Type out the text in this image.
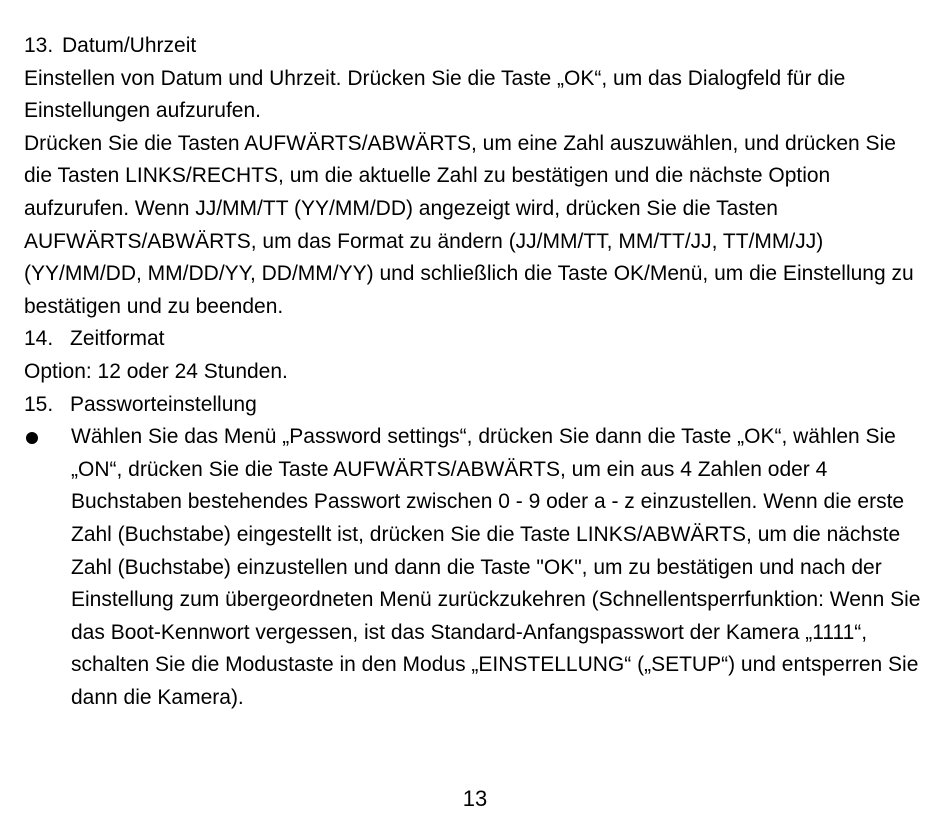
13. Datum/Uhrzeit

Einstellen von Datum und Uhrzeit. Drücken Sie die Taste „OK“, um das Dialogfeld für die Einstellungen aufzurufen.

Drücken Sie die Tasten AUFWÄRTS/ABWÄRTS, um eine Zahl auszuwählen, und drücken Sie die Tasten LINKS/RECHTS, um die aktuelle Zahl zu bestätigen und die nächste Option aufzurufen. Wenn JJ/MM/TT (YY/MM/DD) angezeigt wird, drücken Sie die Tasten AUFWÄRTS/ABWÄRTS, um das Format zu ändern (JJ/MM/TT, MM/TT/JJ, TT/MM/JJ) (YY/MM/DD, MM/DD/YY, DD/MM/YY) und schließlich die Taste OK/Menü, um die Einstellung zu bestätigen und zu beenden.

14. Zeitformat

Option: 12 oder 24 Stunden.

15. Passworteinstellung
Wählen Sie das Menü „Password settings“, drücken Sie dann die Taste „OK“, wählen Sie „ON“, drücken Sie die Taste AUFWÄRTS/ABWÄRTS, um ein aus 4 Zahlen oder 4 Buchstaben bestehendes Passwort zwischen 0 - 9 oder a - z einzustellen. Wenn die erste Zahl (Buchstabe) eingestellt ist, drücken Sie die Taste LINKS/ABWÄRTS, um die nächste Zahl (Buchstabe) einzustellen und dann die Taste "OK", um zu bestätigen und nach der Einstellung zum übergeordneten Menü zurückzukehren (Schnellentsperrfunktion: Wenn Sie das Boot-Kennwort vergessen, ist das Standard-Anfangspasswort der Kamera „1111“, schalten Sie die Modustaste in den Modus „EINSTELLUNG“ („SETUP“) und entsperren Sie dann die Kamera).
13
